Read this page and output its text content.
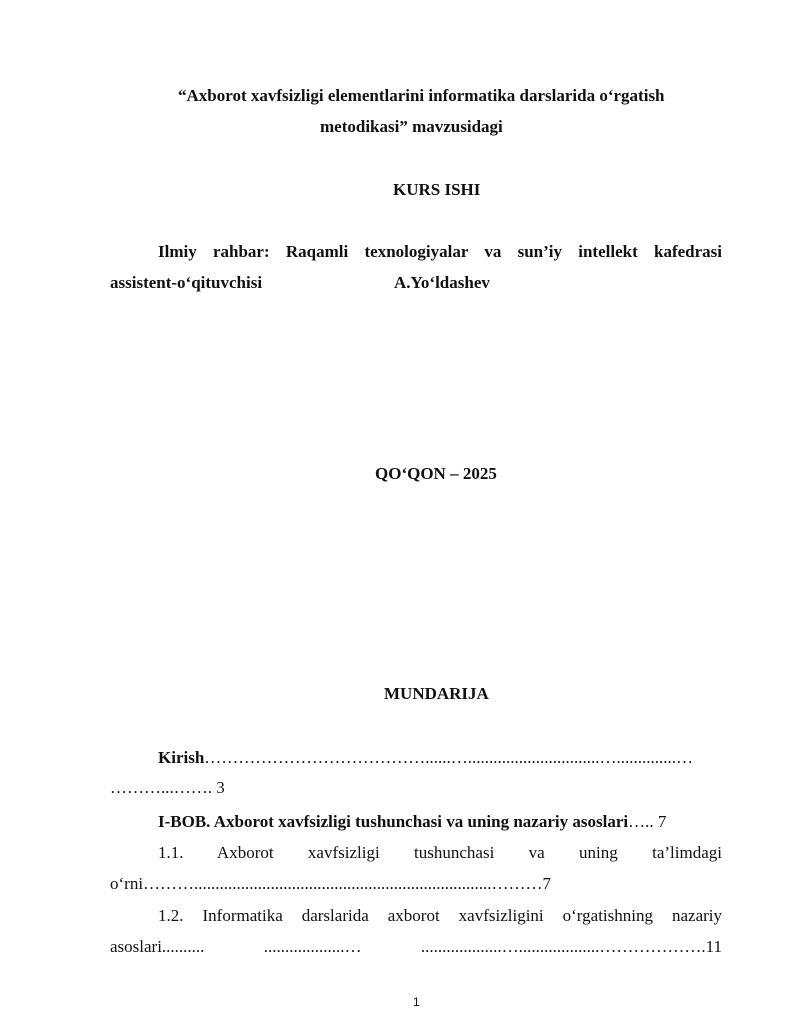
“Axborot xavfsizligi elementlarini informatika darslarida o‘rgatish
metodikasi” mavzusidagi
KURS ISHI
Ilmiy rahbar: Raqamli texnologiyalar va sun’iy intellekt kafedrasi
assistent-o‘qituvchisi	A.Yo‘ldashev
QO‘QON – 2025
MUNDARIJA
Kirish…………………………………......…...............................…..............…
………...……. 3
I-BOB. Axborot xavfsizligi tushunchasi va uning nazariy asoslari….. 7
1.1. Axborot xavfsizligi tushunchasi va uning ta’limdagi
o‘rni………......................................................................………7
1.2. Informatika darslarida axborot xavfsizligini o‘rgatishning nazariy
asoslari.......... ...................… ...................…...................……………….11
1
